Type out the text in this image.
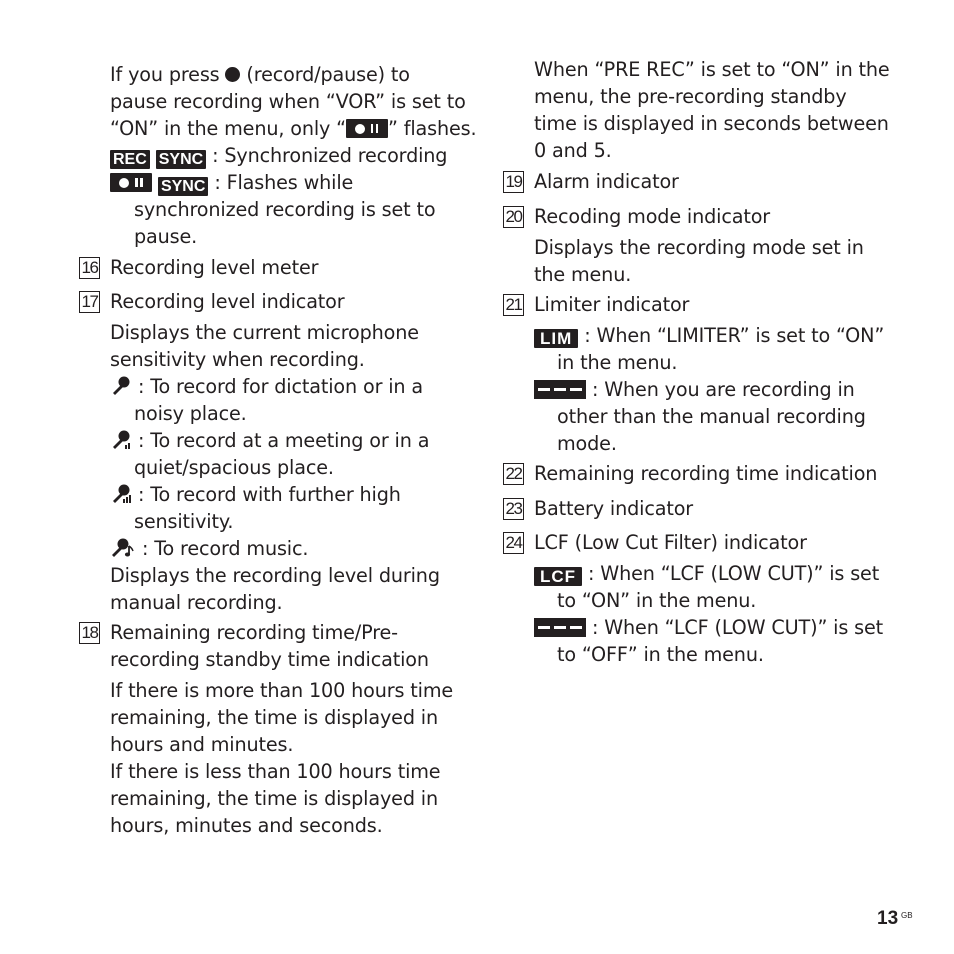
If you press  (record/pause) to
pause recording when “VOR” is set to
“ON” in the menu, only “ ” flashes.
REC SYNC : Synchronized recording
SYNC : Flashes while
synchronized recording is set to
pause.
16 Recording level meter
17 Recording level indicator
Displays the current microphone
sensitivity when recording.
: To record for dictation or in a
noisy place.
: To record at a meeting or in a
quiet/spacious place.
: To record with further high
sensitivity.
: To record music.
Displays the recording level during
manual recording.
18 Remaining recording time/Pre-
recording standby time indication
If there is more than 100 hours time
remaining, the time is displayed in
hours and minutes.
If there is less than 100 hours time
remaining, the time is displayed in
hours, minutes and seconds.
When “PRE REC” is set to “ON” in the
menu, the pre-recording standby
time is displayed in seconds between
0 and 5.
19 Alarm indicator
20 Recoding mode indicator
Displays the recording mode set in
the menu.
21 Limiter indicator
LIM : When “LIMITER” is set to “ON”
in the menu.
: When you are recording in
other than the manual recording
mode.
22 Remaining recording time indication
23 Battery indicator
24 LCF (Low Cut Filter) indicator
LCF : When “LCF (LOW CUT)” is set
to “ON” in the menu.
: When “LCF (LOW CUT)” is set
to “OFF” in the menu.
13 GB
